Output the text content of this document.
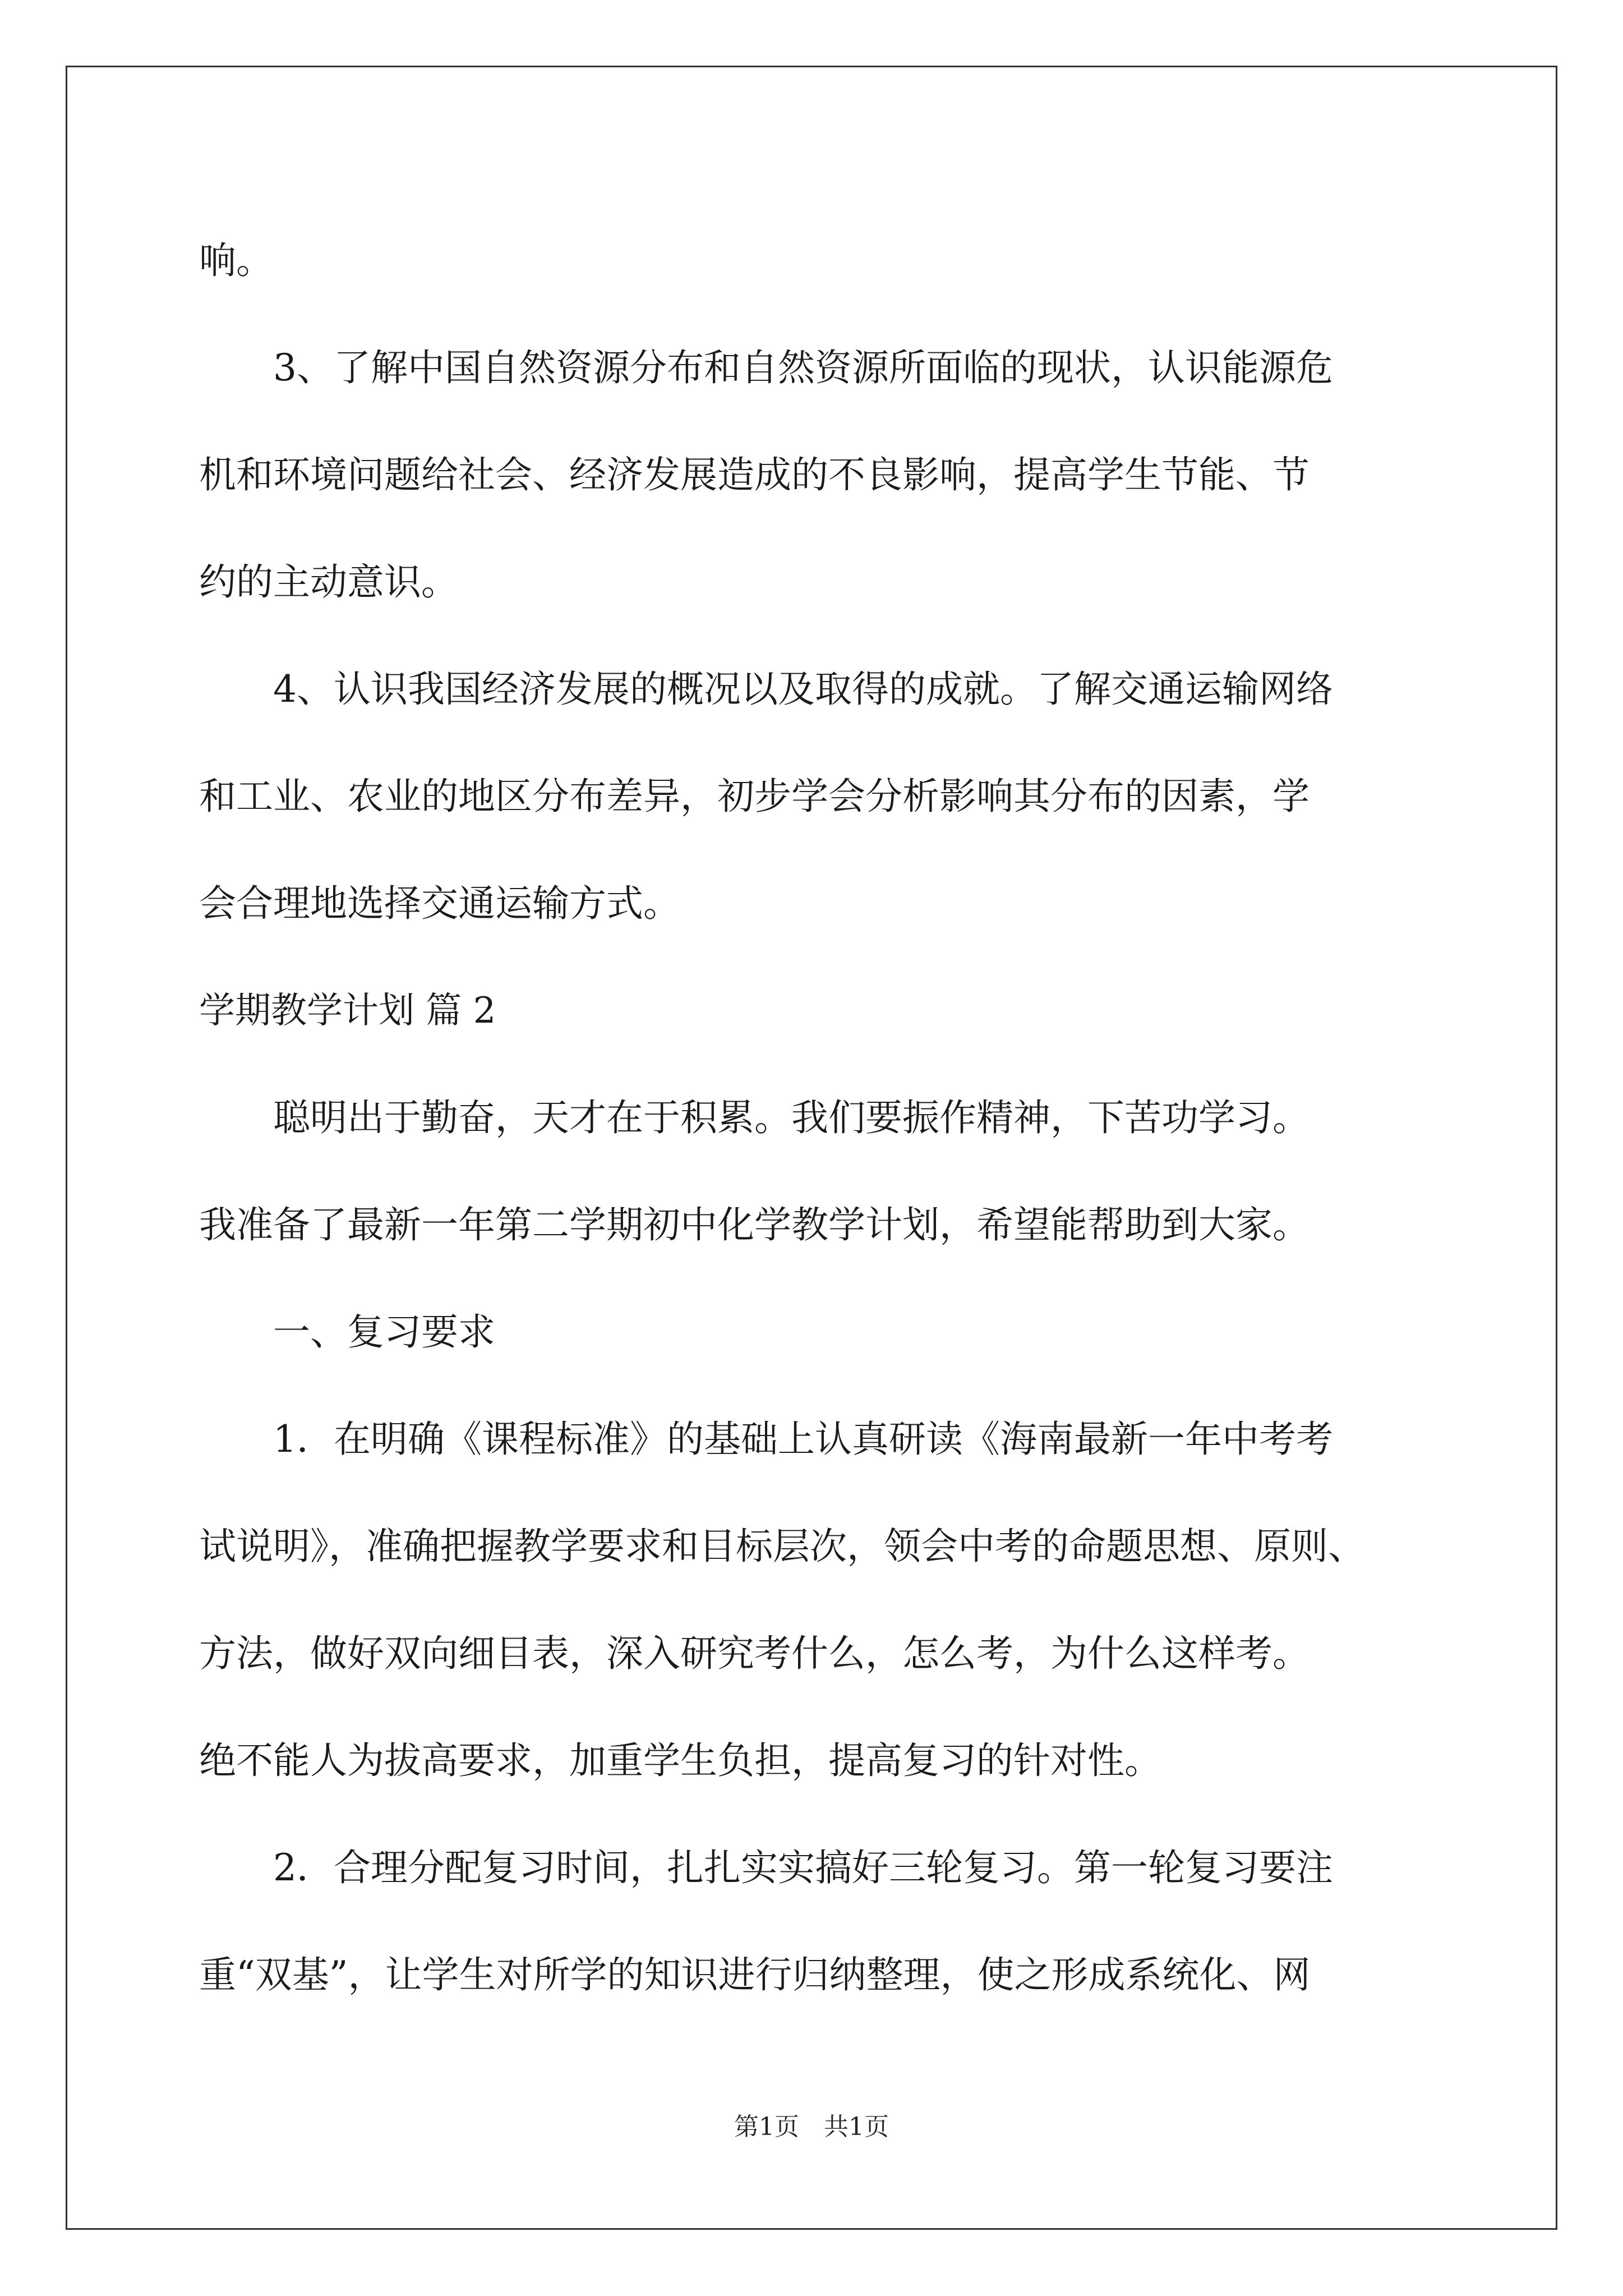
响。
　　3、了解中国自然资源分布和自然资源所面临的现状，认识能源危
机和环境问题给社会、经济发展造成的不良影响，提高学生节能、节
约的主动意识。
　　4、认识我国经济发展的概况以及取得的成就。了解交通运输网络
和工业、农业的地区分布差异，初步学会分析影响其分布的因素，学
会合理地选择交通运输方式。
学期教学计划 篇 2
　　聪明出于勤奋，天才在于积累。我们要振作精神，下苦功学习。
我准备了最新一年第二学期初中化学教学计划，希望能帮助到大家。
　　一、复习要求
　　1．在明确《课程标准》的基础上认真研读《海南最新一年中考考
试说明》，准确把握教学要求和目标层次，领会中考的命题思想、原则、
方法，做好双向细目表，深入研究考什么，怎么考，为什么这样考。
绝不能人为拔高要求，加重学生负担，提高复习的针对性。
　　2．合理分配复习时间，扎扎实实搞好三轮复习。第一轮复习要注
重“双基”，让学生对所学的知识进行归纳整理，使之形成系统化、网
第1页　共1页
